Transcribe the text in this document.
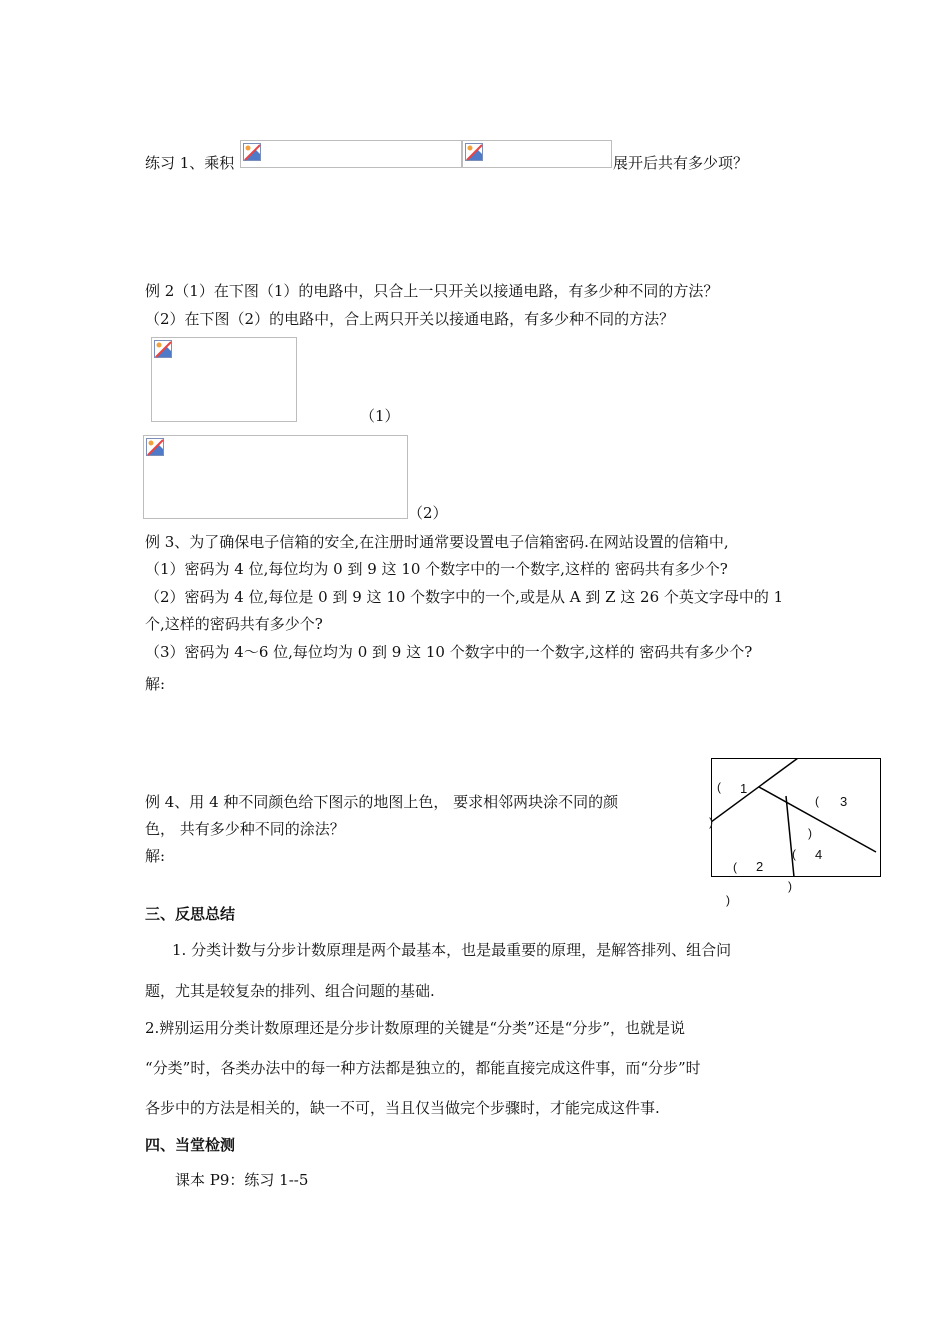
练习 1、乘积	展开后共有多少项？
例 2（1）在下图（1）的电路中，只合上一只开关以接通电路，有多少种不同的方法？
（2）在下图（2）的电路中，合上两只开关以接通电路，有多少种不同的方法？
（1）
（2）
例 3、为了确保电子信箱的安全,在注册时通常要设置电子信箱密码.在网站设置的信箱中,
（1）密码为 4 位,每位均为 0 到 9 这 10 个数字中的一个数字,这样的 密码共有多少个?
（2）密码为 4 位,每位是 0 到 9 这 10 个数字中的一个,或是从 A 到 Z 这 26 个英文字母中的 1
个,这样的密码共有多少个?
（3）密码为 4～6 位,每位均为 0 到 9 这 10 个数字中的一个数字,这样的 密码共有多少个?
解:
例 4、用 4 种不同颜色给下图示的地图上色， 要求相邻两块涂不同的颜
色， 共有多少种不同的涂法？
解:
1
3
4
2
(
)
(
)
(
(
)
)
三、反思总结
1. 分类计数与分步计数原理是两个最基本，也是最重要的原理，是解答排列、组合问
题，尤其是较复杂的排列、组合问题的基础.
2.辨别运用分类计数原理还是分步计数原理的关键是“分类”还是“分步”，也就是说
“分类”时，各类办法中的每一种方法都是独立的，都能直接完成这件事，而“分步”时
各步中的方法是相关的，缺一不可，当且仅当做完个步骤时，才能完成这件事.
四、当堂检测
课本 P9：练习 1--5
